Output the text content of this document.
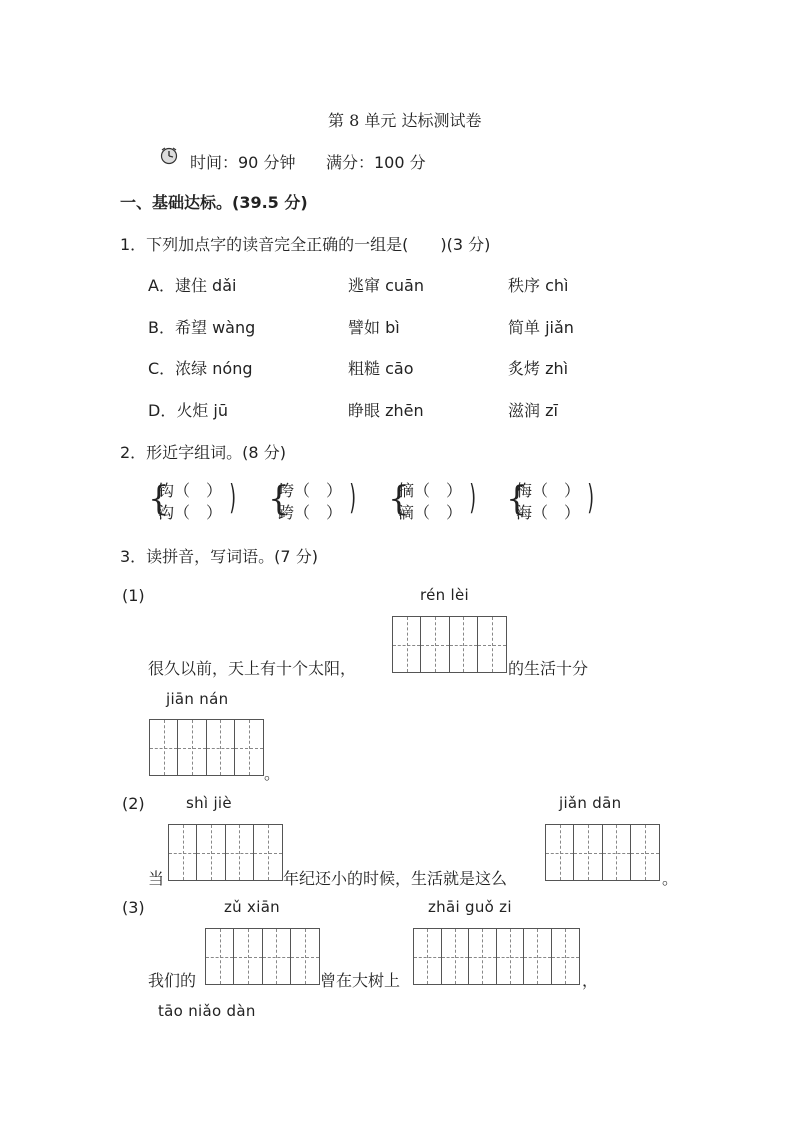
第 8 单元 达标测试卷
时间：90 分钟 满分：100 分
一、基础达标。(39.5 分)
1．下列加点字的读音完全正确的一组是(　　)(3 分)
A．逮住 dǎi	逃窜 cuān	秩序 chì
B．希望 wàng	譬如 bì	简单 jiǎn
C．浓绿 nóng	粗糙 cāo	炙烤 zhì
D．火炬 jū	睁眼 zhēn	滋润 zī
2．形近字组词。(8 分)
{
钩（　）
沟（　） ) {
垮（　）
跨（　） ) {
摘（　）
滴（　） ) {
梅（　）
海（　） )
3．读拼音，写词语。(7 分)
(1)	rén lèi
很久以前，天上有十个太阳，	的生活十分
jiān nán
。
(2)	shì jiè	jiǎn dān
当	年纪还小的时候，生活就是这么	。
(3)	zǔ xiān	zhāi guǒ zi
我们的	曾在大树上	，
tāo niǎo dàn
